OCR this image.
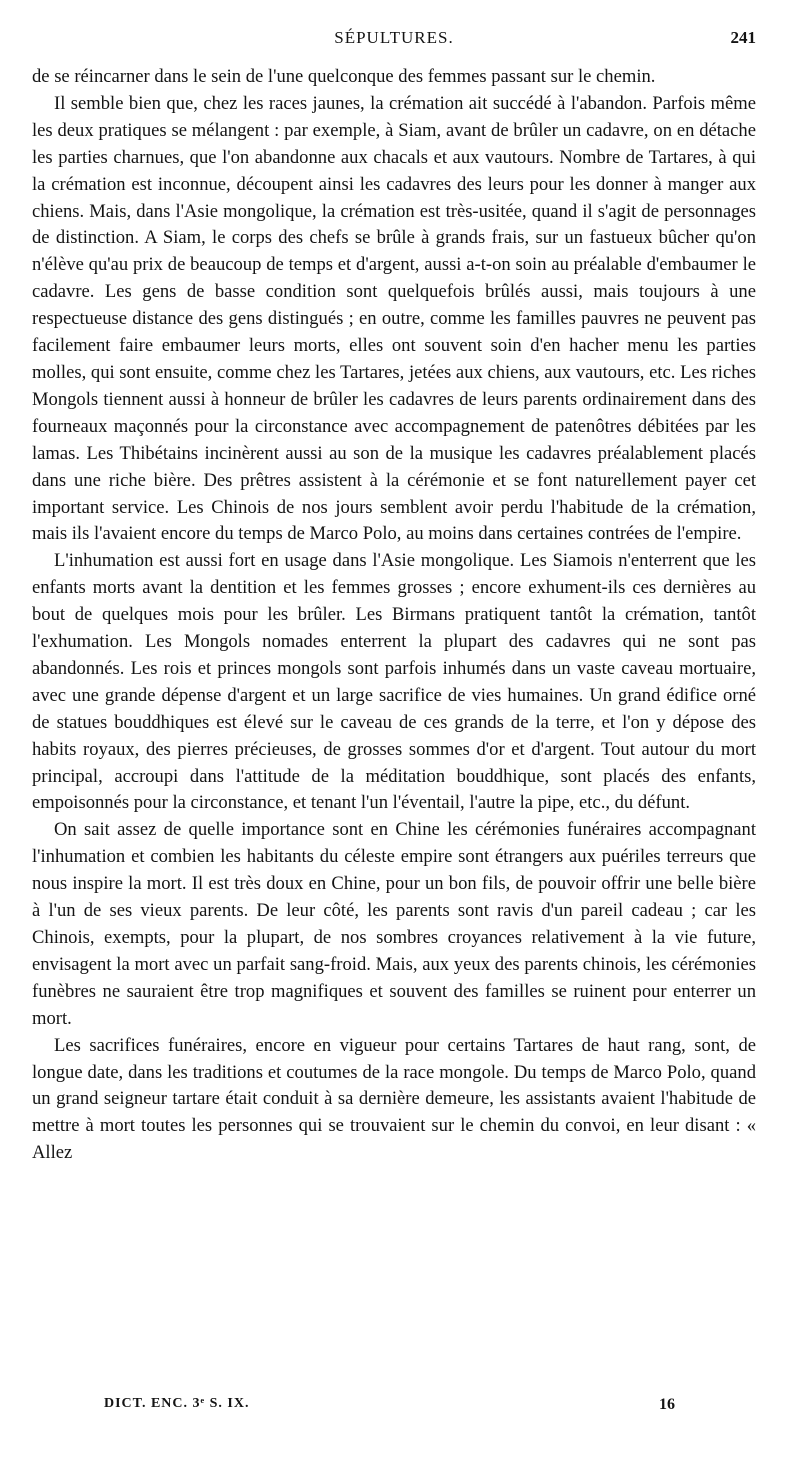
SÉPULTURES.	241

de se réincarner dans le sein de l'une quelconque des femmes passant sur le chemin.

Il semble bien que, chez les races jaunes, la crémation ait succédé à l'abandon. Parfois même les deux pratiques se mélangent : par exemple, à Siam, avant de brûler un cadavre, on en détache les parties charnues, que l'on abandonne aux chacals et aux vautours. Nombre de Tartares, à qui la crémation est inconnue, découpent ainsi les cadavres des leurs pour les donner à manger aux chiens. Mais, dans l'Asie mongolique, la crémation est très-usitée, quand il s'agit de personnages de distinction. A Siam, le corps des chefs se brûle à grands frais, sur un fastueux bûcher qu'on n'élève qu'au prix de beaucoup de temps et d'argent, aussi a-t-on soin au préalable d'embaumer le cadavre. Les gens de basse condition sont quelquefois brûlés aussi, mais toujours à une respectueuse distance des gens distingués ; en outre, comme les familles pauvres ne peuvent pas facilement faire embaumer leurs morts, elles ont souvent soin d'en hacher menu les parties molles, qui sont ensuite, comme chez les Tartares, jetées aux chiens, aux vautours, etc. Les riches Mongols tiennent aussi à honneur de brûler les cadavres de leurs parents ordinairement dans des fourneaux maçonnés pour la circonstance avec accompagnement de patenôtres débitées par les lamas. Les Thibétains incinèrent aussi au son de la musique les cadavres préalablement placés dans une riche bière. Des prêtres assistent à la cérémonie et se font naturellement payer cet important service. Les Chinois de nos jours semblent avoir perdu l'habitude de la crémation, mais ils l'avaient encore du temps de Marco Polo, au moins dans certaines contrées de l'empire.

L'inhumation est aussi fort en usage dans l'Asie mongolique. Les Siamois n'enterrent que les enfants morts avant la dentition et les femmes grosses ; encore exhument-ils ces dernières au bout de quelques mois pour les brûler. Les Birmans pratiquent tantôt la crémation, tantôt l'exhumation. Les Mongols nomades enterrent la plupart des cadavres qui ne sont pas abandonnés. Les rois et princes mongols sont parfois inhumés dans un vaste caveau mortuaire, avec une grande dépense d'argent et un large sacrifice de vies humaines. Un grand édifice orné de statues bouddhiques est élevé sur le caveau de ces grands de la terre, et l'on y dépose des habits royaux, des pierres précieuses, de grosses sommes d'or et d'argent. Tout autour du mort principal, accroupi dans l'attitude de la méditation bouddhique, sont placés des enfants, empoisonnés pour la circonstance, et tenant l'un l'éventail, l'autre la pipe, etc., du défunt.

On sait assez de quelle importance sont en Chine les cérémonies funéraires accompagnant l'inhumation et combien les habitants du céleste empire sont étrangers aux puériles terreurs que nous inspire la mort. Il est très doux en Chine, pour un bon fils, de pouvoir offrir une belle bière à l'un de ses vieux parents. De leur côté, les parents sont ravis d'un pareil cadeau ; car les Chinois, exempts, pour la plupart, de nos sombres croyances relativement à la vie future, envisagent la mort avec un parfait sang-froid. Mais, aux yeux des parents chinois, les cérémonies funèbres ne sauraient être trop magnifiques et souvent des familles se ruinent pour enterrer un mort.

Les sacrifices funéraires, encore en vigueur pour certains Tartares de haut rang, sont, de longue date, dans les traditions et coutumes de la race mongole. Du temps de Marco Polo, quand un grand seigneur tartare était conduit à sa dernière demeure, les assistants avaient l'habitude de mettre à mort toutes les personnes qui se trouvaient sur le chemin du convoi, en leur disant : « Allez

DICT. ENC. 3ᵉ S. IX.	16
